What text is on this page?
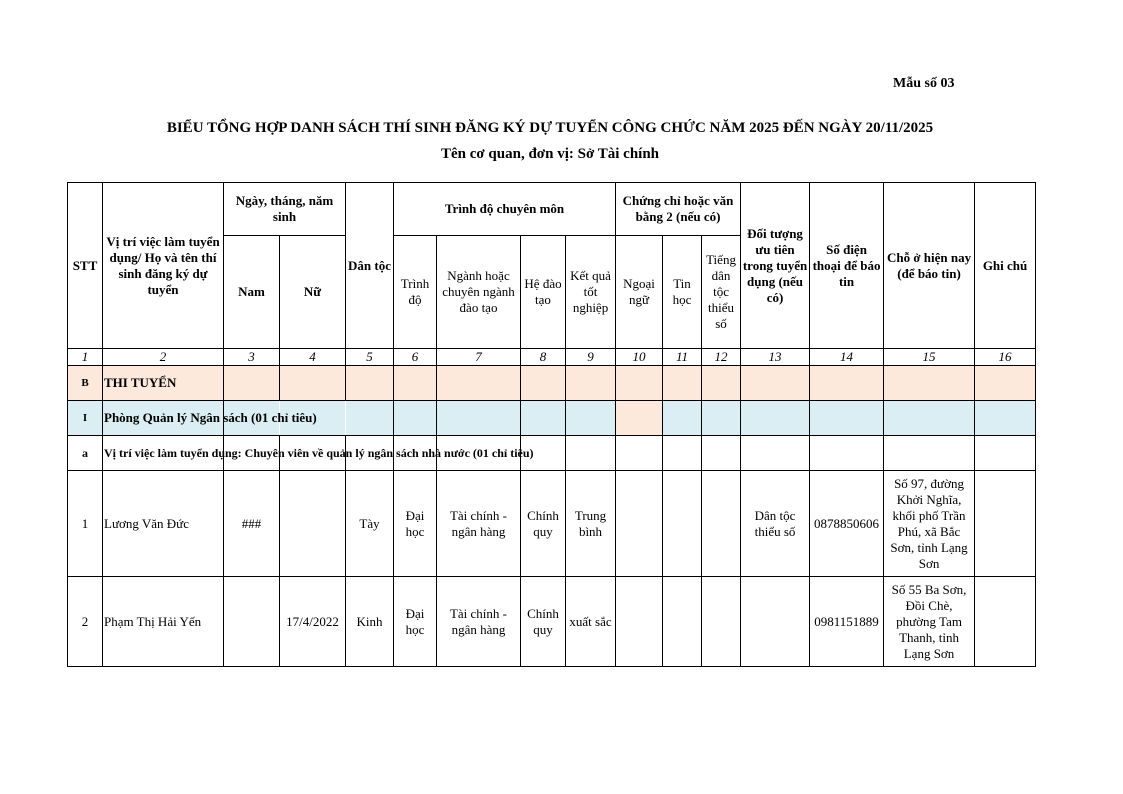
Mẫu số 03
BIỂU TỔNG HỢP DANH SÁCH THÍ SINH ĐĂNG KÝ DỰ TUYỂN CÔNG CHỨC NĂM 2025 ĐẾN NGÀY 20/11/2025
Tên cơ quan, đơn vị: Sở Tài chính
STT	Vị trí việc làm tuyển dụng/ Họ và tên thí sinh đăng ký dự tuyển	Ngày, tháng, năm sinh		Dân tộc	Trình độ chuyên môn				Chứng chỉ hoặc văn bằng 2 (nếu có)			Đối tượng ưu tiên trong tuyển dụng (nếu có)	Số điện thoại để báo tin	Chỗ ở hiện nay (để báo tin)	Ghi chú
		Nam	Nữ		Trình độ	Ngành hoặc chuyên ngành đào tạo	Hệ đào tạo	Kết quả tốt nghiệp	Ngoại ngữ	Tin học	Tiếng dân tộc thiểu số				
1	2	3	4	5	6	7	8	9	10	11	12	13	14	15	16
B	THI TUYỂN														
I	Phòng Quản lý Ngân sách (01 chỉ tiêu)														
a	Vị trí việc làm tuyển dụng: Chuyên viên về quản lý ngân sách nhà nước (01 chỉ tiêu)														
1	Lương Văn Đức	###		Tày	Đại học	Tài chính - ngân hàng	Chính quy	Trung bình				Dân tộc thiểu số	0878850606	Số 97, đường Khởi Nghĩa, khối phố Trần Phú, xã Bắc Sơn, tỉnh Lạng Sơn	
2	Phạm Thị Hải Yến		17/4/2022	Kinh	Đại học	Tài chính - ngân hàng	Chính quy	xuất sắc					0981151889	Số 55 Ba Sơn, Đồi Chè, phường Tam Thanh, tỉnh Lạng Sơn	
